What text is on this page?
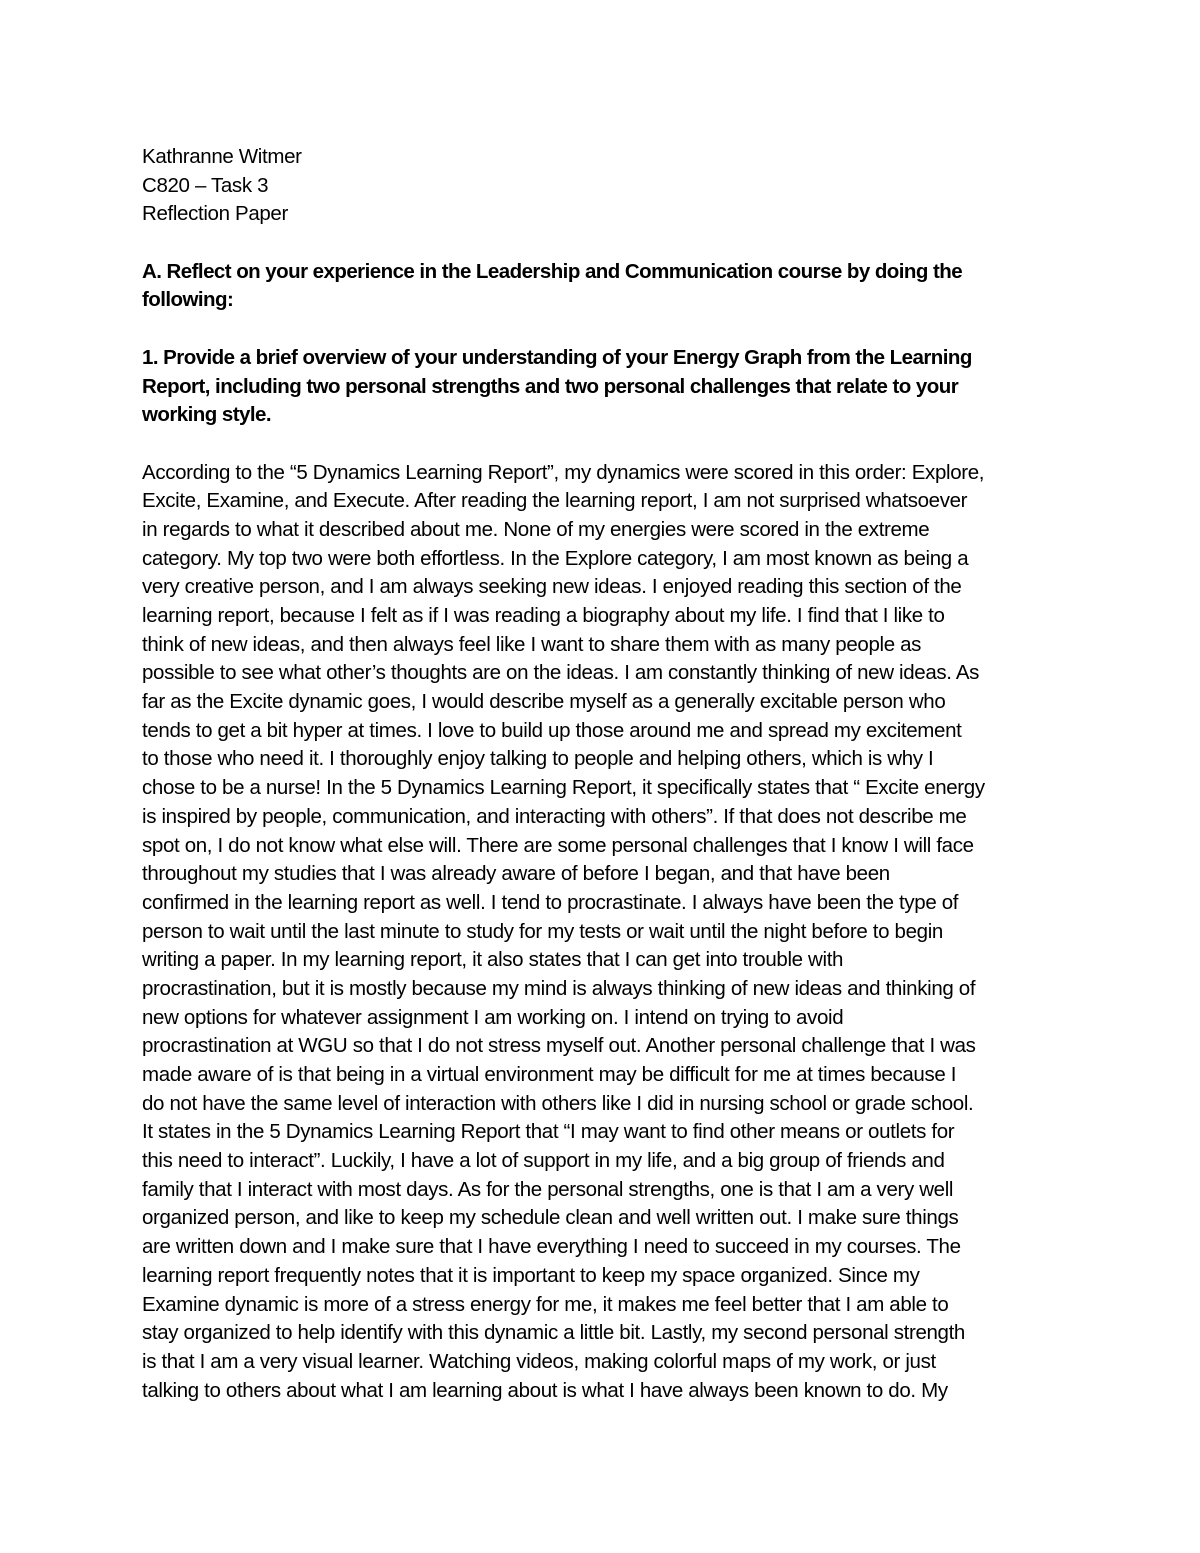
Kathranne Witmer
C820 – Task 3
Reflection Paper
A. Reflect on your experience in the Leadership and Communication course by doing the
following:
1. Provide a brief overview of your understanding of your Energy Graph from the Learning
Report, including two personal strengths and two personal challenges that relate to your
working style.
According to the “5 Dynamics Learning Report”, my dynamics were scored in this order: Explore,
Excite, Examine, and Execute. After reading the learning report, I am not surprised whatsoever
in regards to what it described about me. None of my energies were scored in the extreme
category. My top two were both effortless. In the Explore category, I am most known as being a
very creative person, and I am always seeking new ideas. I enjoyed reading this section of the
learning report, because I felt as if I was reading a biography about my life. I find that I like to
think of new ideas, and then always feel like I want to share them with as many people as
possible to see what other’s thoughts are on the ideas. I am constantly thinking of new ideas. As
far as the Excite dynamic goes, I would describe myself as a generally excitable person who
tends to get a bit hyper at times. I love to build up those around me and spread my excitement
to those who need it. I thoroughly enjoy talking to people and helping others, which is why I
chose to be a nurse! In the 5 Dynamics Learning Report, it specifically states that “ Excite energy
is inspired by people, communication, and interacting with others”. If that does not describe me
spot on, I do not know what else will. There are some personal challenges that I know I will face
throughout my studies that I was already aware of before I began, and that have been
confirmed in the learning report as well. I tend to procrastinate. I always have been the type of
person to wait until the last minute to study for my tests or wait until the night before to begin
writing a paper. In my learning report, it also states that I can get into trouble with
procrastination, but it is mostly because my mind is always thinking of new ideas and thinking of
new options for whatever assignment I am working on. I intend on trying to avoid
procrastination at WGU so that I do not stress myself out. Another personal challenge that I was
made aware of is that being in a virtual environment may be difficult for me at times because I
do not have the same level of interaction with others like I did in nursing school or grade school.
It states in the 5 Dynamics Learning Report that “I may want to find other means or outlets for
this need to interact”. Luckily, I have a lot of support in my life, and a big group of friends and
family that I interact with most days. As for the personal strengths, one is that I am a very well
organized person, and like to keep my schedule clean and well written out. I make sure things
are written down and I make sure that I have everything I need to succeed in my courses. The
learning report frequently notes that it is important to keep my space organized. Since my
Examine dynamic is more of a stress energy for me, it makes me feel better that I am able to
stay organized to help identify with this dynamic a little bit. Lastly, my second personal strength
is that I am a very visual learner. Watching videos, making colorful maps of my work, or just
talking to others about what I am learning about is what I have always been known to do. My
